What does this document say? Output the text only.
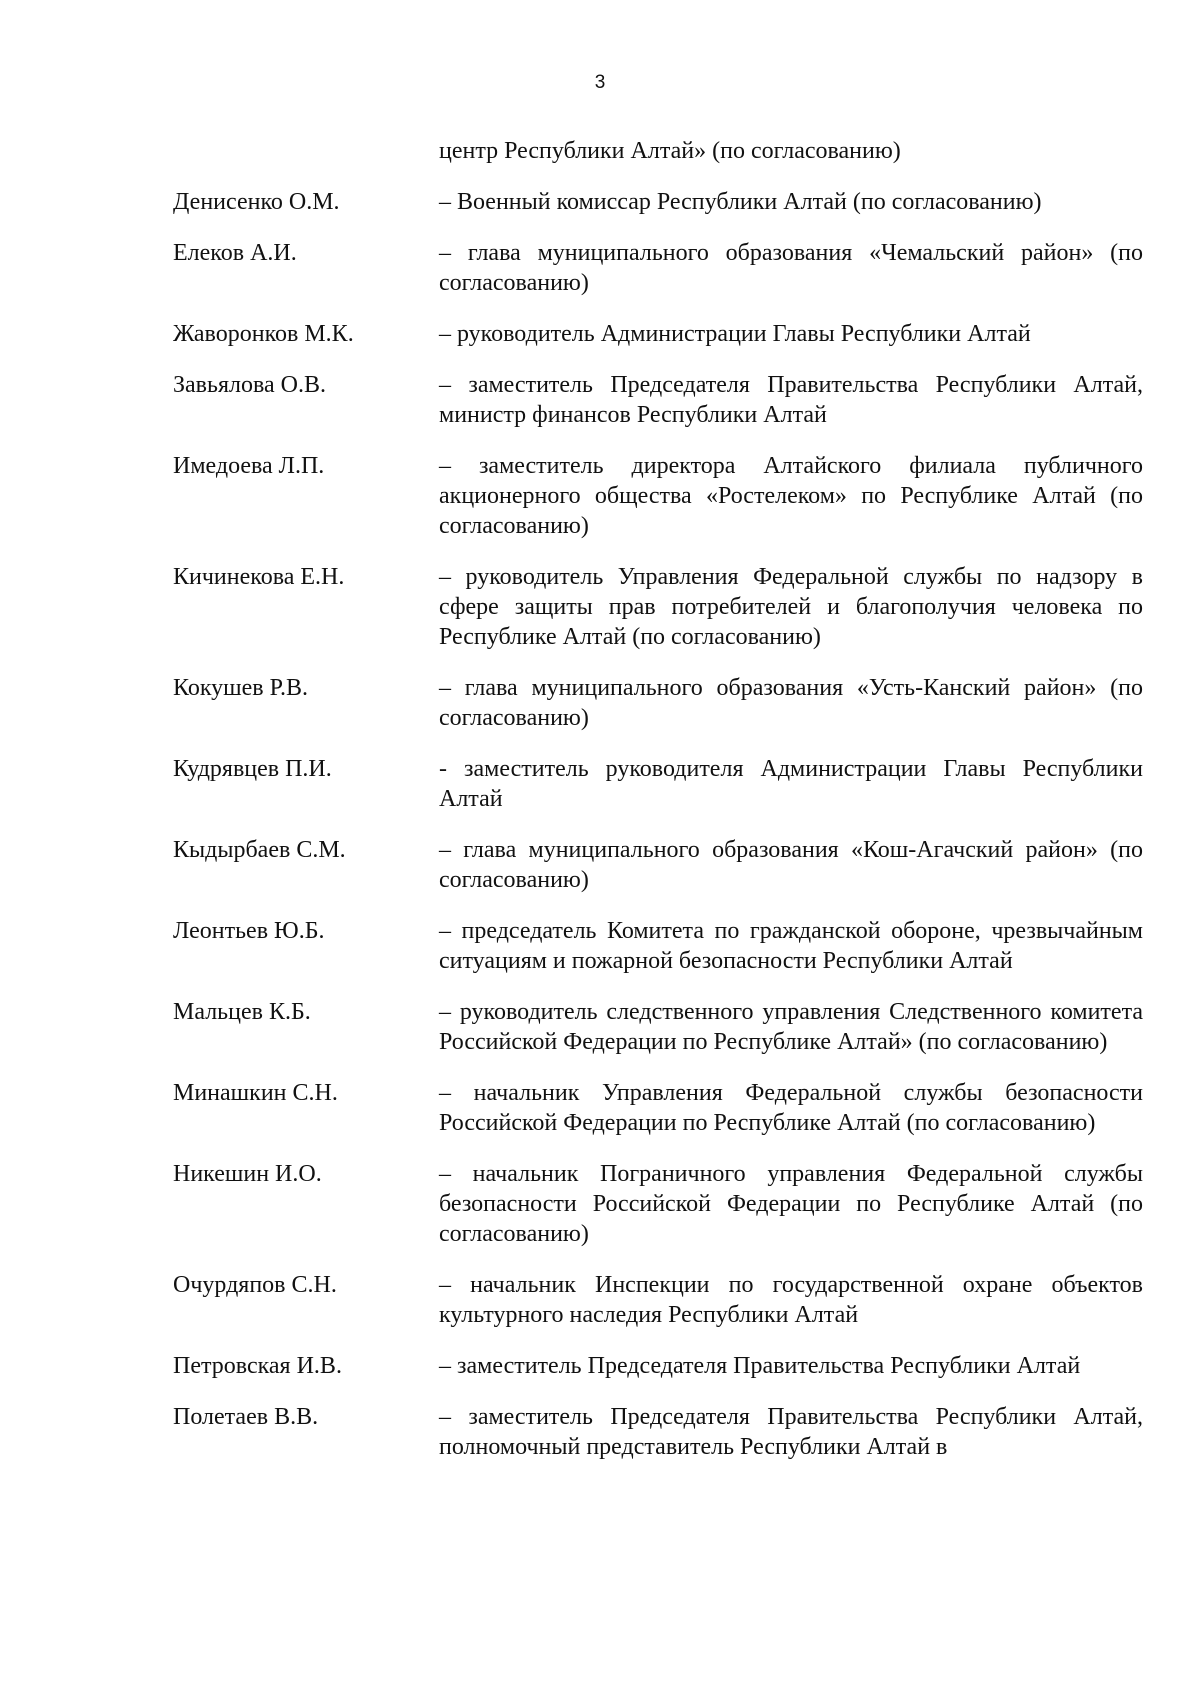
3
центр Республики Алтай» (по согласованию)
Денисенко О.М.	– Военный комиссар Республики Алтай (по согласованию)
Елеков А.И.	– глава муниципального образования «Чемальский район» (по согласованию)
Жаворонков М.К.	– руководитель Администрации Главы Республики Алтай
Завьялова О.В.	– заместитель Председателя Правительства Республики Алтай, министр финансов Республики Алтай
Имедоева Л.П.	– заместитель директора Алтайского филиала публичного акционерного общества «Ростелеком» по Республике Алтай (по согласованию)
Кичинекова Е.Н.	– руководитель Управления Федеральной службы по надзору в сфере защиты прав потребителей и благополучия человека по Республике Алтай (по согласованию)
Кокушев Р.В.	– глава муниципального образования «Усть-Канский район» (по согласованию)
Кудрявцев П.И.	- заместитель руководителя Администрации Главы Республики Алтай
Кыдырбаев С.М.	– глава муниципального образования «Кош-Агачский район» (по согласованию)
Леонтьев Ю.Б.	– председатель Комитета по гражданской обороне, чрезвычайным ситуациям и пожарной безопасности Республики Алтай
Мальцев К.Б.	– руководитель следственного управления Следственного комитета Российской Федерации по Республике Алтай» (по согласованию)
Минашкин С.Н.	– начальник Управления Федеральной службы безопасности Российской Федерации по Республике Алтай (по согласованию)
Никешин И.О.	– начальник Пограничного управления Федеральной службы безопасности Российской Федерации по Республике Алтай (по согласованию)
Очурдяпов С.Н.	– начальник Инспекции по государственной охране объектов культурного наследия Республики Алтай
Петровская И.В.	– заместитель Председателя Правительства Республики Алтай
Полетаев В.В.	– заместитель Председателя Правительства Республики Алтай, полномочный представитель Республики Алтай в
